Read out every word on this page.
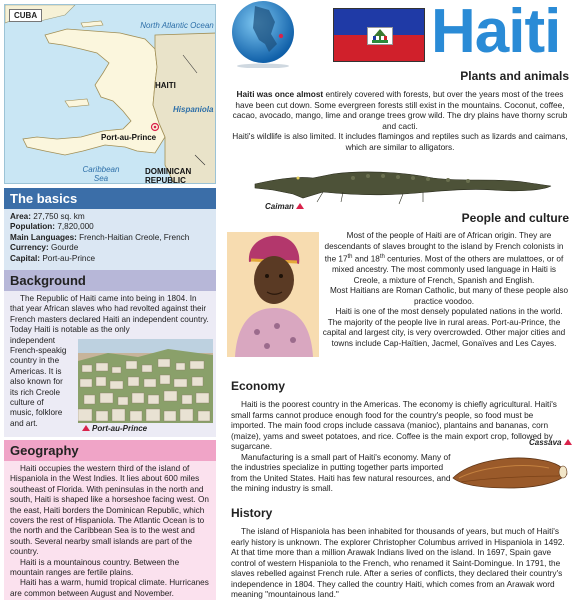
CUBA
North Atlantic Ocean
HAITI
Hispaniola
Port-au-Prince
Caribbean Sea
DOMINICAN REPUBLIC
The basics
Area: 27,750 sq. km
Population: 7,820,000
Main Languages: French-Haitian Creole, French
Currency: Gourde
Capital: Port-au-Prince
Background

The Republic of Haiti came into being in 1804. In that year African slaves who had revolted against their French masters declared Haiti an independent country. Today Haiti is notable as the only

independent
French-speakig
country in the
Americas. It is
also known for
its rich Creole
culture of
music, folklore
and art.
Port-au-Prince
Geography

Haiti occupies the western third of the island of Hispaniola in the West Indies. It lies about 600 miles southeast of Florida. With peninsulas in the north and south, Haiti is shaped like a horseshoe facing west. On the east, Haiti borders the Dominican Republic, which covers the rest of Hispaniola. The Atlantic Ocean is to the north and the Caribbean Sea is to the west and south. Several nearby small islands are part of the country.

Haiti is a mountainous country. Between the mountain ranges are fertile plains.

Haiti has a warm, humid tropical climate. Hurricanes are common between August and November.

Haiti
Plants and animals

Haiti was once almost entirely covered with forests, but over the years most of the trees have been cut down. Some evergreen forests still exist in the mountains. Coconut, coffee, cacao, avocado, mango, lime and orange trees grow wild. The dry plains have thorny scrub and cacti.

Haiti's wildlife is also limited. It includes flamingos and reptiles such as lizards and caimans, which are similar to alligators.

Caiman
People and culture

Most of the people of Haiti are of African origin. They are descendants of slaves brought to the island by French colonists in the 17th and 18th centuries. Most of the others are mulattoes, or of mixed ancestry. The most commonly used language in Haiti is Creole, a mixture of French, Spanish and English.

Most Haitians are Roman Catholic, but many of these people also practice voodoo.

Haiti is one of the most densely populated nations in the world. The majority of the people live in rural areas. Port-au-Prince, the capital and largest city, is very overcrowded. Other major cities and towns include Cap-Haïtien, Jacmel, Gonaïves and Les Cayes.

Economy

Haiti is the poorest country in the Americas. The economy is chiefly agricultural. Haiti's small farms cannot produce enough food for the country's people, so food must be imported. The main food crops include cassava (manioc), plantains and bananas, corn (maize), yams and sweet potatoes, and rice. Coffee is the main export crop, followed by sugarcane.

Manufacturing is a small part of Haiti's economy. Many of the industries specialize in putting together parts imported from the United States. Haiti has few natural resources, and the mining industry is small.

Cassava
History

The island of Hispaniola has been inhabited for thousands of years, but much of Haiti's early history is unknown. The explorer Christopher Columbus arrived in Hispaniola in 1492. At that time more than a million Arawak Indians lived on the island. In 1697, Spain gave control of western Hispaniola to the French, who renamed it Saint-Domingue. In 1791, the slaves rebelled against French rule. After a series of conflicts, they declared their country's independence in 1804. They called the country Haiti, which comes from an Arawak word meaning "mountainous land."
